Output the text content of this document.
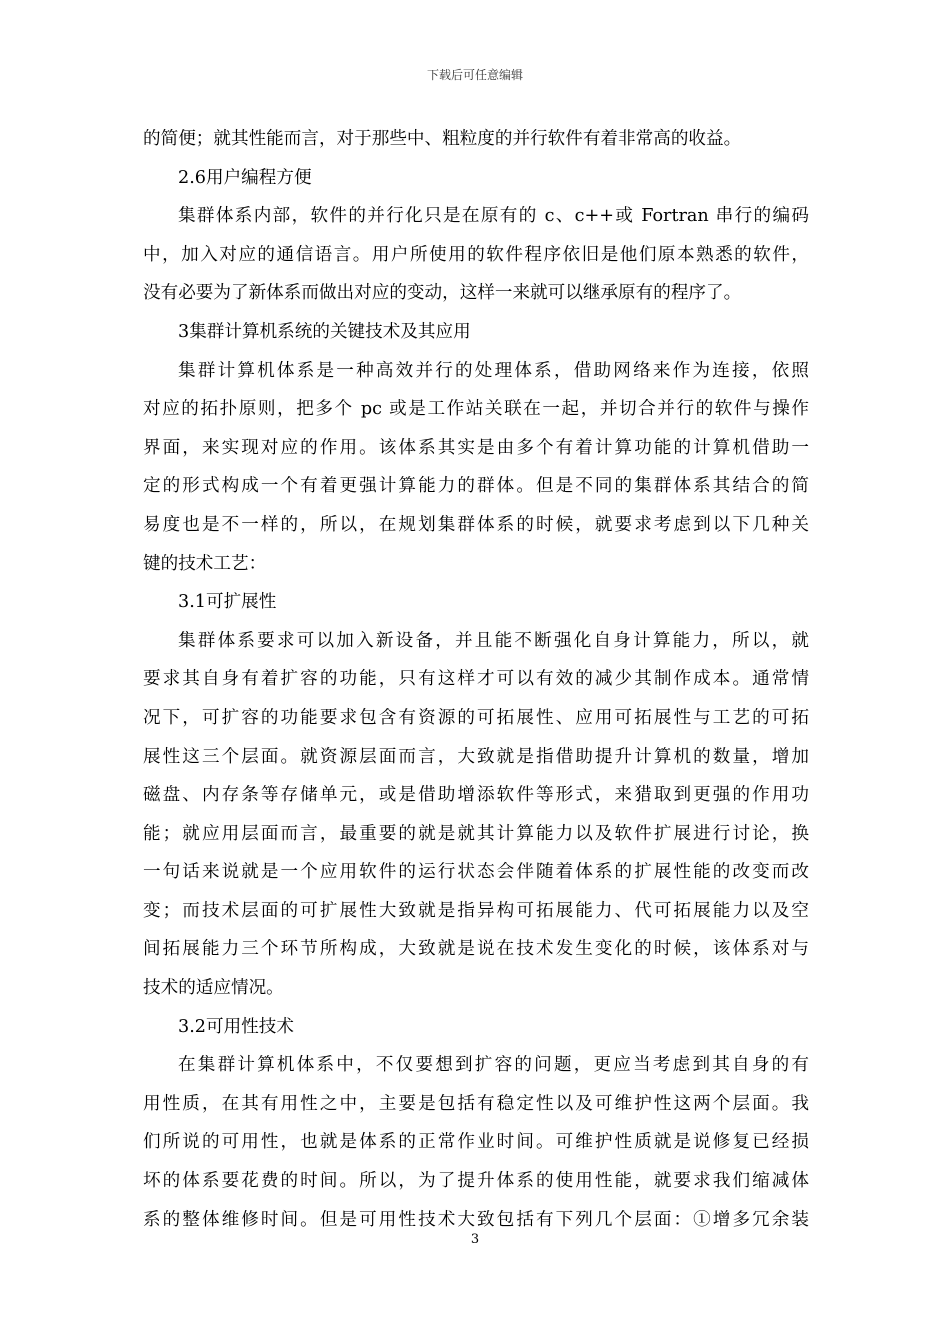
下载后可任意编辑
的简便；就其性能而言，对于那些中、粗粒度的并行软件有着非常高的收益。
2.6用户编程方便
集群体系内部，软件的并行化只是在原有的 c、c++或 Fortran 串行的编码
中，加入对应的通信语言。用户所使用的软件程序依旧是他们原本熟悉的软件，
没有必要为了新体系而做出对应的变动，这样一来就可以继承原有的程序了。
3集群计算机系统的关键技术及其应用
集群计算机体系是一种高效并行的处理体系，借助网络来作为连接，依照
对应的拓扑原则，把多个 pc 或是工作站关联在一起，并切合并行的软件与操作
界面，来实现对应的作用。该体系其实是由多个有着计算功能的计算机借助一
定的形式构成一个有着更强计算能力的群体。但是不同的集群体系其结合的简
易度也是不一样的，所以，在规划集群体系的时候，就要求考虑到以下几种关
键的技术工艺：
3.1可扩展性
集群体系要求可以加入新设备，并且能不断强化自身计算能力，所以，就
要求其自身有着扩容的功能，只有这样才可以有效的减少其制作成本。通常情
况下，可扩容的功能要求包含有资源的可拓展性、应用可拓展性与工艺的可拓
展性这三个层面。就资源层面而言，大致就是指借助提升计算机的数量，增加
磁盘、内存条等存储单元，或是借助增添软件等形式，来猎取到更强的作用功
能；就应用层面而言，最重要的就是就其计算能力以及软件扩展进行讨论，换
一句话来说就是一个应用软件的运行状态会伴随着体系的扩展性能的改变而改
变；而技术层面的可扩展性大致就是指异构可拓展能力、代可拓展能力以及空
间拓展能力三个环节所构成，大致就是说在技术发生变化的时候，该体系对与
技术的适应情况。
3.2可用性技术
在集群计算机体系中，不仅要想到扩容的问题，更应当考虑到其自身的有
用性质，在其有用性之中，主要是包括有稳定性以及可维护性这两个层面。我
们所说的可用性，也就是体系的正常作业时间。可维护性质就是说修复已经损
坏的体系要花费的时间。所以，为了提升体系的使用性能，就要求我们缩减体
系的整体维修时间。但是可用性技术大致包括有下列几个层面：①增多冗余装
3
